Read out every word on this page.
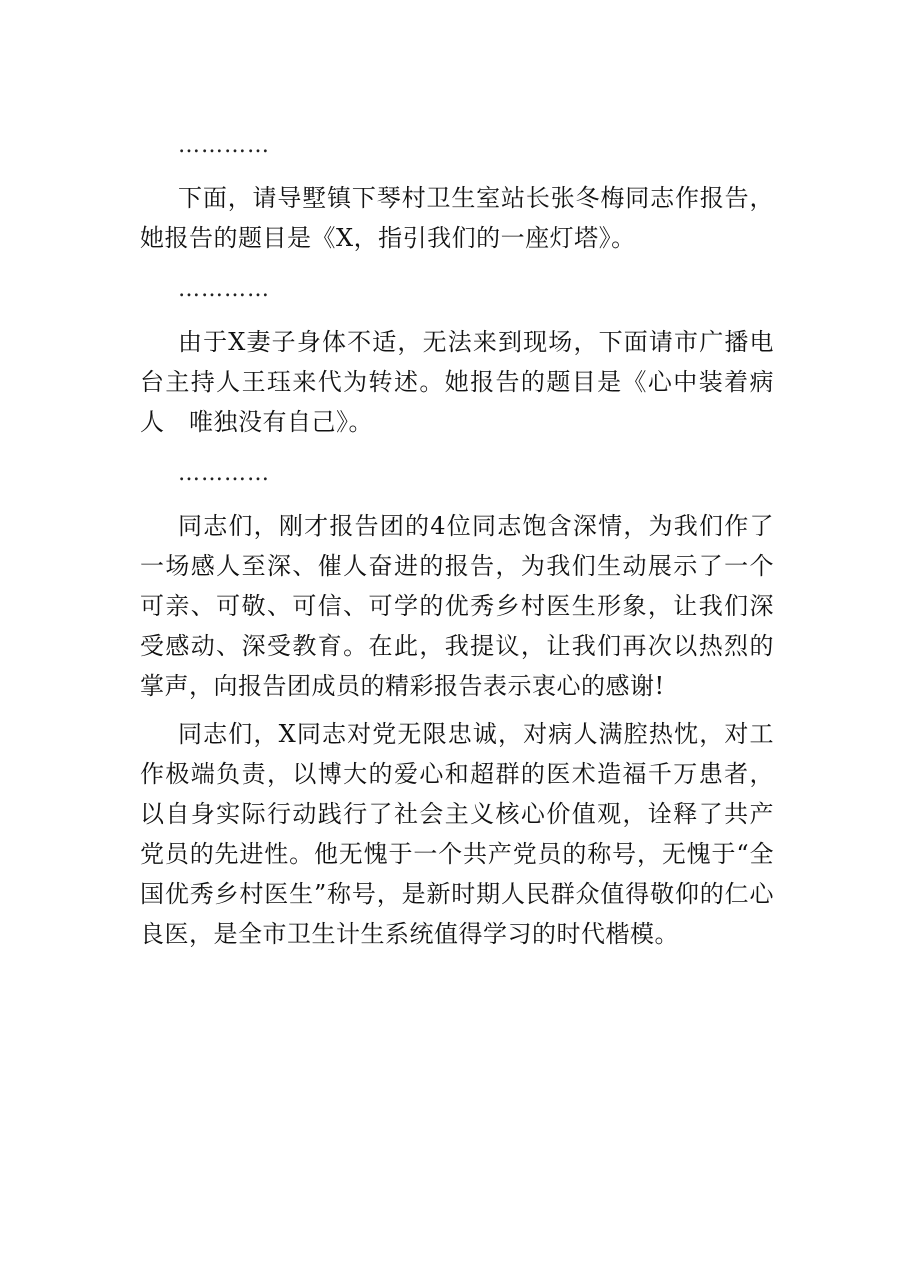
…………

下面，请导墅镇下琴村卫生室站长张冬梅同志作报告，她报告的题目是《X，指引我们的一座灯塔》。

…………

由于X妻子身体不适，无法来到现场，下面请市广播电台主持人王珏来代为转述。她报告的题目是《心中装着病人　唯独没有自己》。

…………

同志们，刚才报告团的4位同志饱含深情，为我们作了一场感人至深、催人奋进的报告，为我们生动展示了一个可亲、可敬、可信、可学的优秀乡村医生形象，让我们深受感动、深受教育。在此，我提议，让我们再次以热烈的掌声，向报告团成员的精彩报告表示衷心的感谢!

同志们，X同志对党无限忠诚，对病人满腔热忱，对工作极端负责，以博大的爱心和超群的医术造福千万患者，以自身实际行动践行了社会主义核心价值观，诠释了共产党员的先进性。他无愧于一个共产党员的称号，无愧于“全国优秀乡村医生”称号，是新时期人民群众值得敬仰的仁心良医，是全市卫生计生系统值得学习的时代楷模。
